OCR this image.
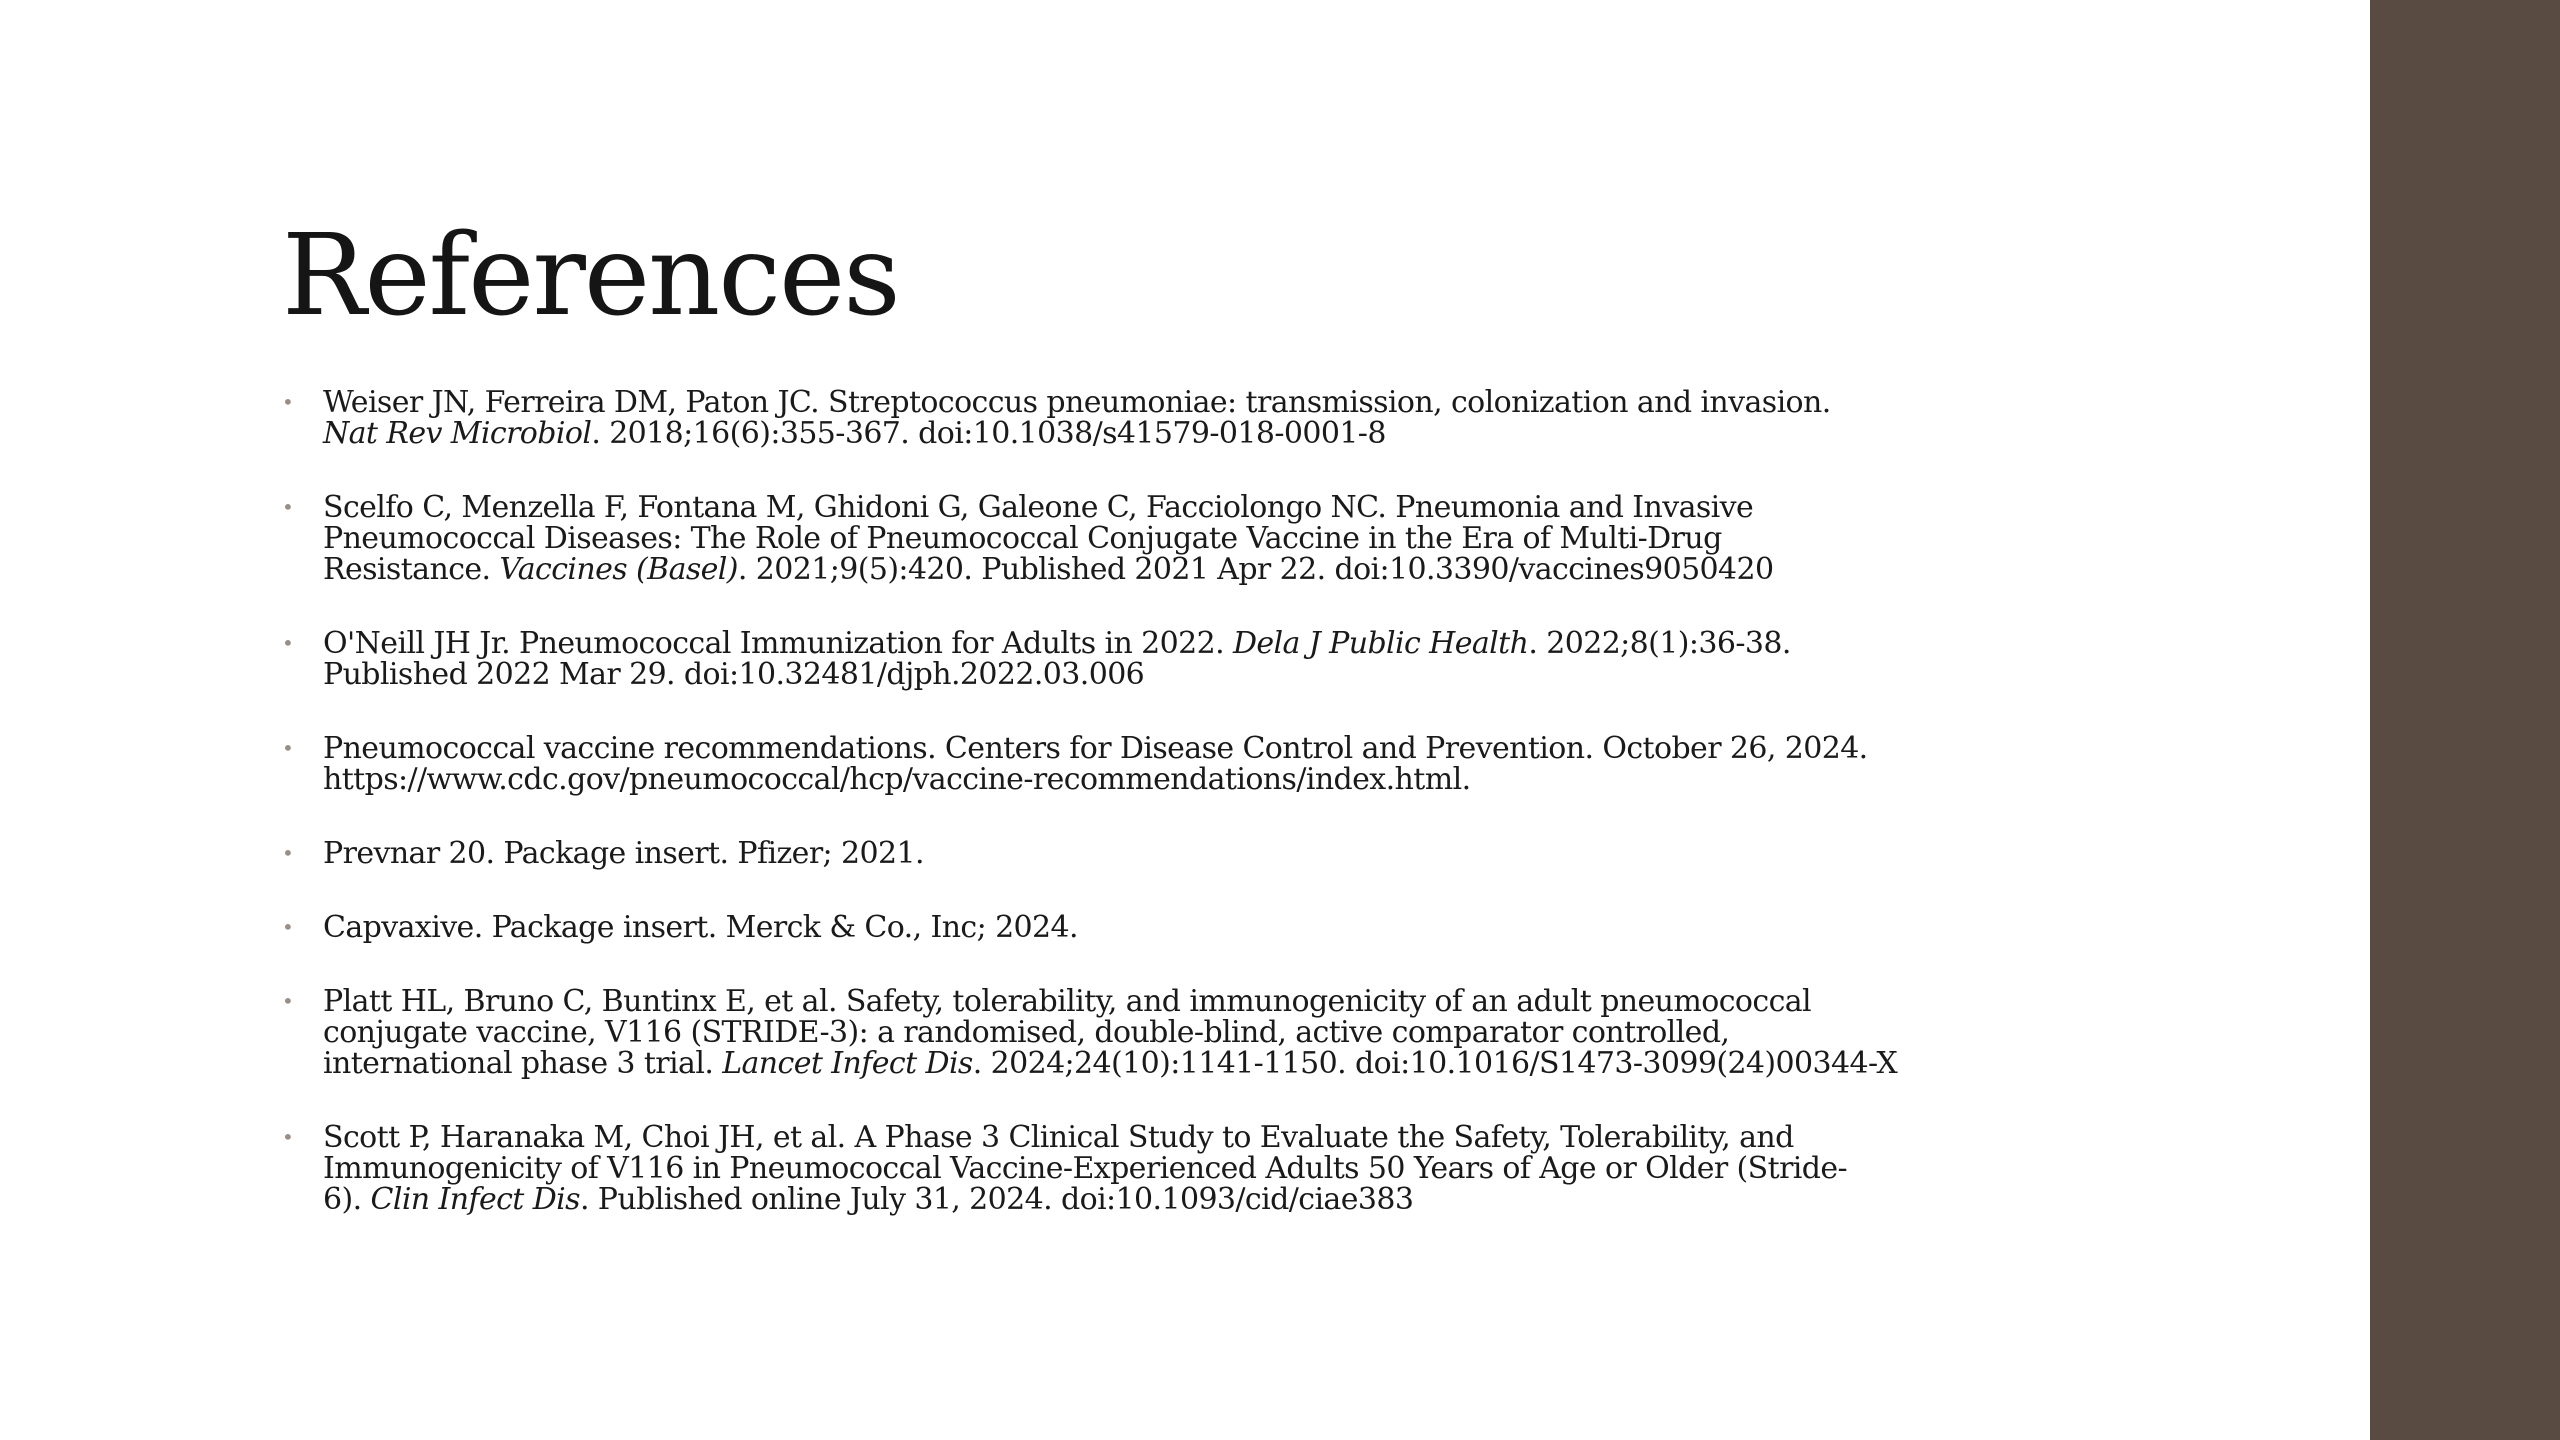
References
• Weiser JN, Ferreira DM, Paton JC. Streptococcus pneumoniae: transmission, colonization and invasion.
Nat Rev Microbiol. 2018;16(6):355-367. doi:10.1038/s41579-018-0001-8
• Scelfo C, Menzella F, Fontana M, Ghidoni G, Galeone C, Facciolongo NC. Pneumonia and Invasive
Pneumococcal Diseases: The Role of Pneumococcal Conjugate Vaccine in the Era of Multi-Drug
Resistance. Vaccines (Basel). 2021;9(5):420. Published 2021 Apr 22. doi:10.3390/vaccines9050420
• O'Neill JH Jr. Pneumococcal Immunization for Adults in 2022. Dela J Public Health. 2022;8(1):36-38.
Published 2022 Mar 29. doi:10.32481/djph.2022.03.006
• Pneumococcal vaccine recommendations. Centers for Disease Control and Prevention. October 26, 2024.
https://www.cdc.gov/pneumococcal/hcp/vaccine-recommendations/index.html.
• Prevnar 20. Package insert. Pfizer; 2021.
• Capvaxive. Package insert. Merck & Co., Inc; 2024.
• Platt HL, Bruno C, Buntinx E, et al. Safety, tolerability, and immunogenicity of an adult pneumococcal
conjugate vaccine, V116 (STRIDE-3): a randomised, double-blind, active comparator controlled,
international phase 3 trial. Lancet Infect Dis. 2024;24(10):1141-1150. doi:10.1016/S1473-3099(24)00344-X
• Scott P, Haranaka M, Choi JH, et al. A Phase 3 Clinical Study to Evaluate the Safety, Tolerability, and
Immunogenicity of V116 in Pneumococcal Vaccine-Experienced Adults 50 Years of Age or Older (Stride-
6). Clin Infect Dis. Published online July 31, 2024. doi:10.1093/cid/ciae383
